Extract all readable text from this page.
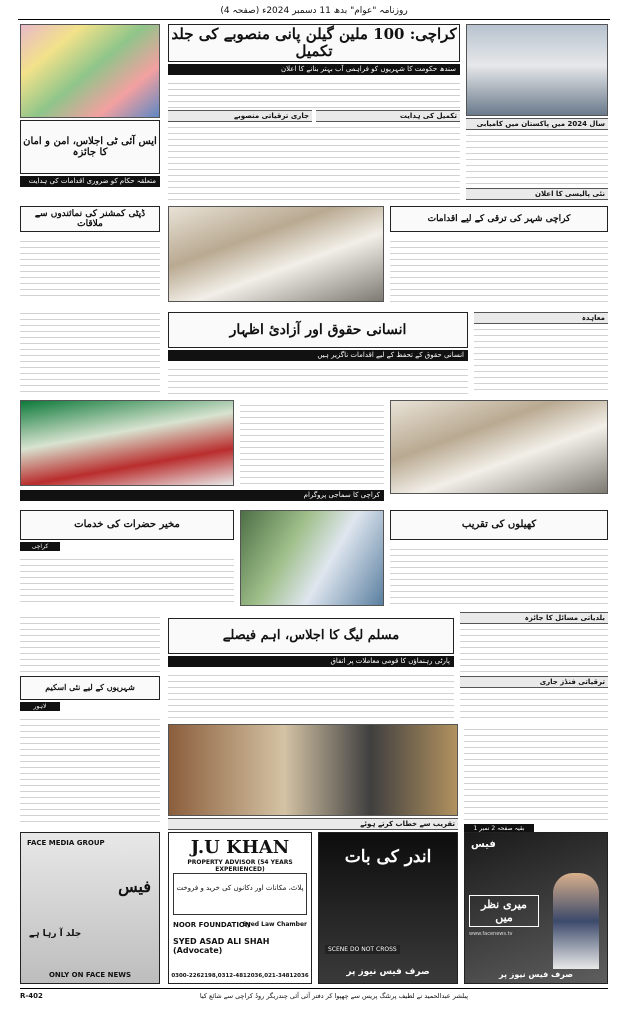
روزنامہ "عوام" بدھ 11 دسمبر 2024ء (صفحہ 4)
ایس آئی ٹی اجلاس، امن و امان کا جائزہ
متعلقہ حکام کو ضروری اقدامات کی ہدایت
کراچی: 100 ملین گیلن پانی منصوبے کی جلد تکمیل
سندھ حکومت کا شہریوں کو فراہمی آب بہتر بنانے کا اعلان
جاری ترقیاتی منصوبے	تکمیل کی ہدایت
سال 2024 میں پاکستان میں کامیابی
نئی پالیسی کا اعلان
ڈپٹی کمشنر کی نمائندوں سے ملاقات
کراچی شہر کی ترقی کے لیے اقدامات
انسانی حقوق اور آزادیٔ اظہار
انسانی حقوق کے تحفظ کے لیے اقدامات ناگزیر ہیں
معاہدہ
کراچی کا سماجی پروگرام
مخیر حضرات کی خدمات
کراچی
کھیلوں کی تقریب
مسلم لیگ کا اجلاس، اہم فیصلے
پارٹی رہنماؤں کا قومی معاملات پر اتفاق
بلدیاتی مسائل کا جائزہ
ترقیاتی فنڈز جاری
شہریوں کے لیے نئی اسکیم
لاہور
تقریب سے خطاب کرتے ہوئے
بقیہ صفحہ 2 نمبر 1
FACE MEDIA GROUP
فیس
جلد آ رہا ہے
ONLY ON FACE NEWS
J.U KHAN
PROPERTY ADVISOR (54 YEARS EXPERIENCED)
پلاٹ، مکانات اور دکانوں کی خرید و فروخت
NOOR FOUNDATION
Syed Law Chamber
SYED ASAD ALI SHAH (Advocate)
0300-2262198,0312-4812036,021-34812036
اندر کی بات
SCENE DO NOT CROSS
صرف فیس نیوز پر
فیس
میری نظر میں
www.facenews.tv
صرف فیس نیوز پر
پبلشر عبدالحمید نے لطیف پرنٹنگ پریس سے چھپوا کر دفتر آئی آئی چندریگر روڈ کراچی سے شائع کیا
R-402
